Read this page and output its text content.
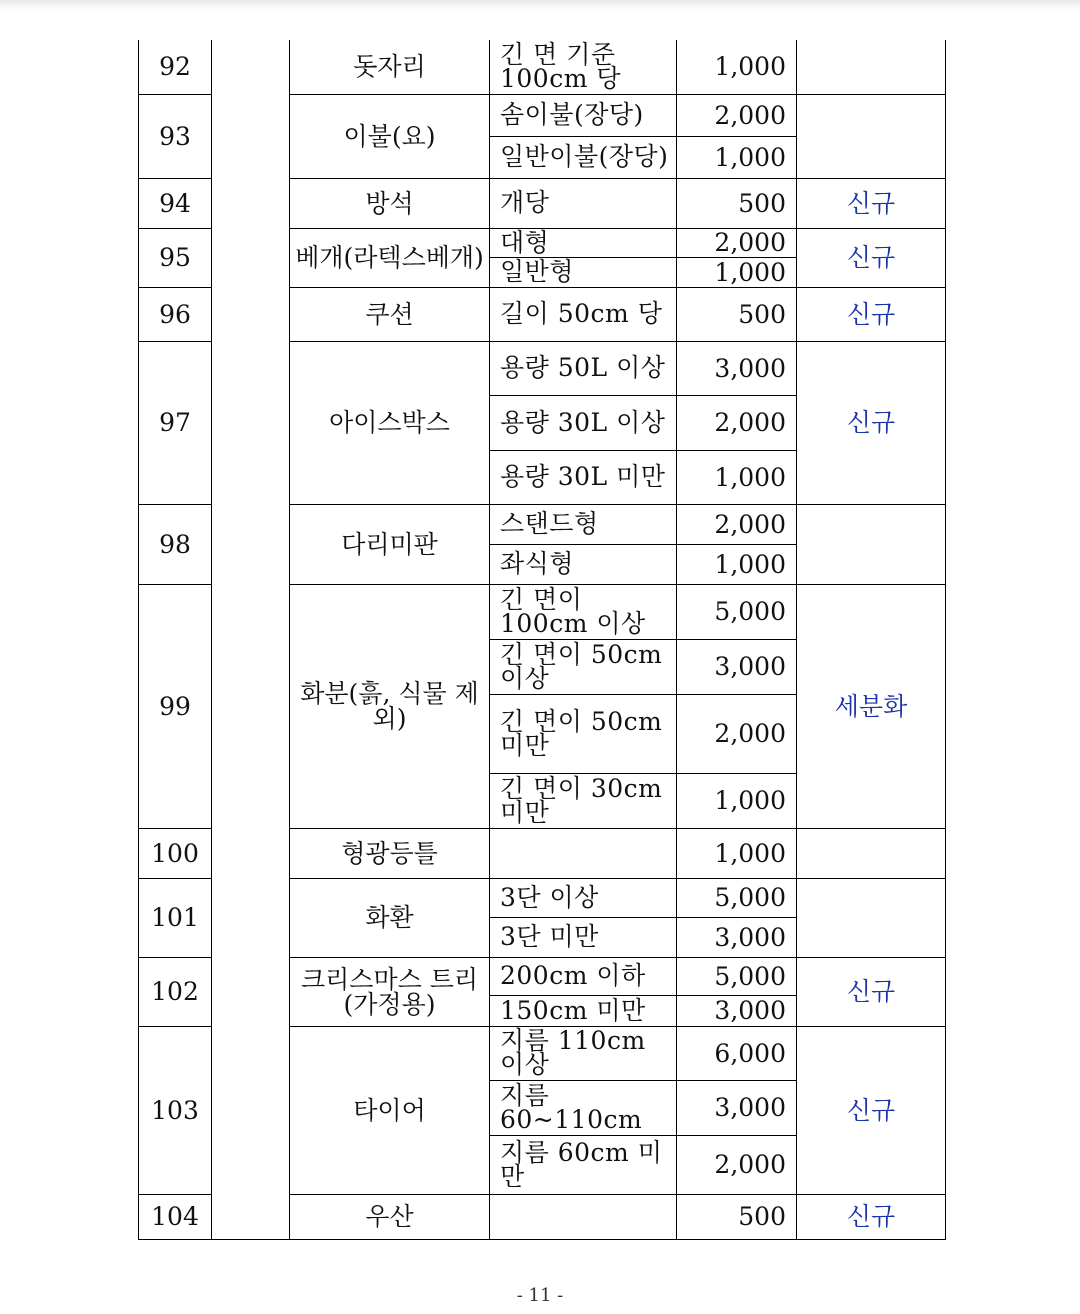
92		돗자리	긴 면 기준 100cm 당	1,000	
93		이불(요)	솜이불(장당)	2,000	
			일반이불(장당)	1,000	
94		방석	개당	500	신규
95		베개(라텍스베개)	대형	2,000	신규
			일반형	1,000	
96		쿠션	길이 50cm 당	500	신규
97		아이스박스	용량 50L 이상	3,000	신규
			용량 30L 이상	2,000	
			용량 30L 미만	1,000	
98		다리미판	스탠드형	2,000	
			좌식형	1,000	
99		화분(흙, 식물 제외)	긴 면이 100cm 이상	5,000	세분화
			긴 면이 50cm 이상	3,000	
			긴 면이 50cm 미만	2,000	
			긴 면이 30cm 미만	1,000	
100		형광등틀		1,000	
101		화환	3단 이상	5,000	
			3단 미만	3,000	
102		크리스마스 트리(가정용)	200cm 이하	5,000	신규
			150cm 미만	3,000	
103		타이어	지름 110cm 이상	6,000	신규
			지름 60~110cm	3,000	
			지름 60cm 미만	2,000	
104		우산		500	신규
- 11 -
